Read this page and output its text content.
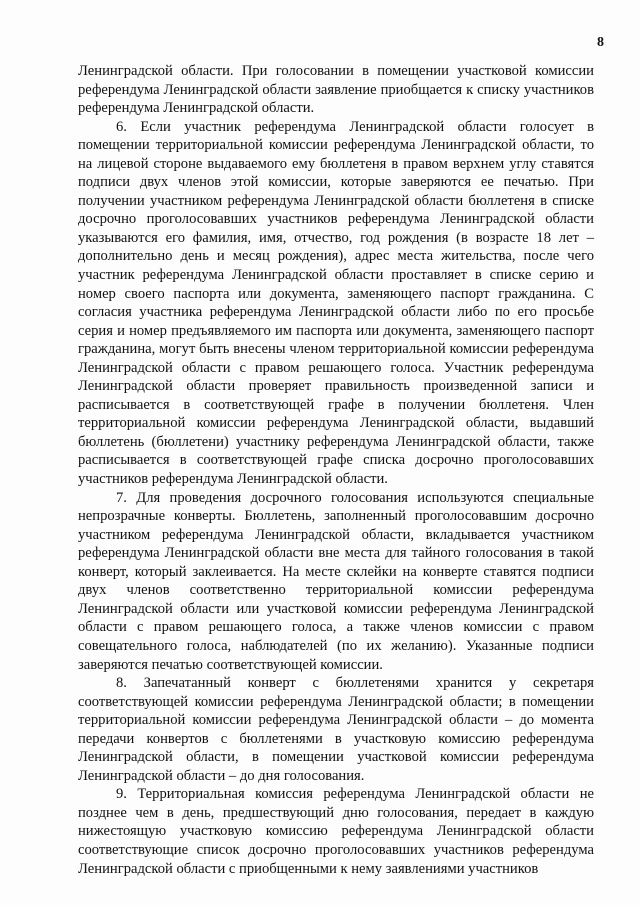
8

Ленинградской области. При голосовании в помещении участковой комиссии референдума Ленинградской области заявление приобщается к списку участников референдума Ленинградской области.

6. Если участник референдума Ленинградской области голосует в помещении территориальной комиссии референдума Ленинградской области, то на лицевой стороне выдаваемого ему бюллетеня в правом верхнем углу ставятся подписи двух членов этой комиссии, которые заверяются ее печатью. При получении участником референдума Ленинградской области бюллетеня в списке досрочно проголосовавших участников референдума Ленинградской области указываются его фамилия, имя, отчество, год рождения (в возрасте 18 лет – дополнительно день и месяц рождения), адрес места жительства, после чего участник референдума Ленинградской области проставляет в списке серию и номер своего паспорта или документа, заменяющего паспорт гражданина. С согласия участника референдума Ленинградской области либо по его просьбе серия и номер предъявляемого им паспорта или документа, заменяющего паспорт гражданина, могут быть внесены членом территориальной комиссии референдума Ленинградской области с правом решающего голоса. Участник референдума Ленинградской области проверяет правильность произведенной записи и расписывается в соответствующей графе в получении бюллетеня. Член территориальной комиссии референдума Ленинградской области, выдавший бюллетень (бюллетени) участнику референдума Ленинградской области, также расписывается в соответствующей графе списка досрочно проголосовавших участников референдума Ленинградской области.

7. Для проведения досрочного голосования используются специальные непрозрачные конверты. Бюллетень, заполненный проголосовавшим досрочно участником референдума Ленинградской области, вкладывается участником референдума Ленинградской области вне места для тайного голосования в такой конверт, который заклеивается. На месте склейки на конверте ставятся подписи двух членов соответственно территориальной комиссии референдума Ленинградской области или участковой комиссии референдума Ленинградской области с правом решающего голоса, а также членов комиссии с правом совещательного голоса, наблюдателей (по их желанию). Указанные подписи заверяются печатью соответствующей комиссии.

8. Запечатанный конверт с бюллетенями хранится у секретаря соответствующей комиссии референдума Ленинградской области; в помещении территориальной комиссии референдума Ленинградской области – до момента передачи конвертов с бюллетенями в участковую комиссию референдума Ленинградской области, в помещении участковой комиссии референдума Ленинградской области – до дня голосования.

9. Территориальная комиссия референдума Ленинградской области не позднее чем в день, предшествующий дню голосования, передает в каждую нижестоящую участковую комиссию референдума Ленинградской области соответствующие список досрочно проголосовавших участников референдума Ленинградской области с приобщенными к нему заявлениями участников
